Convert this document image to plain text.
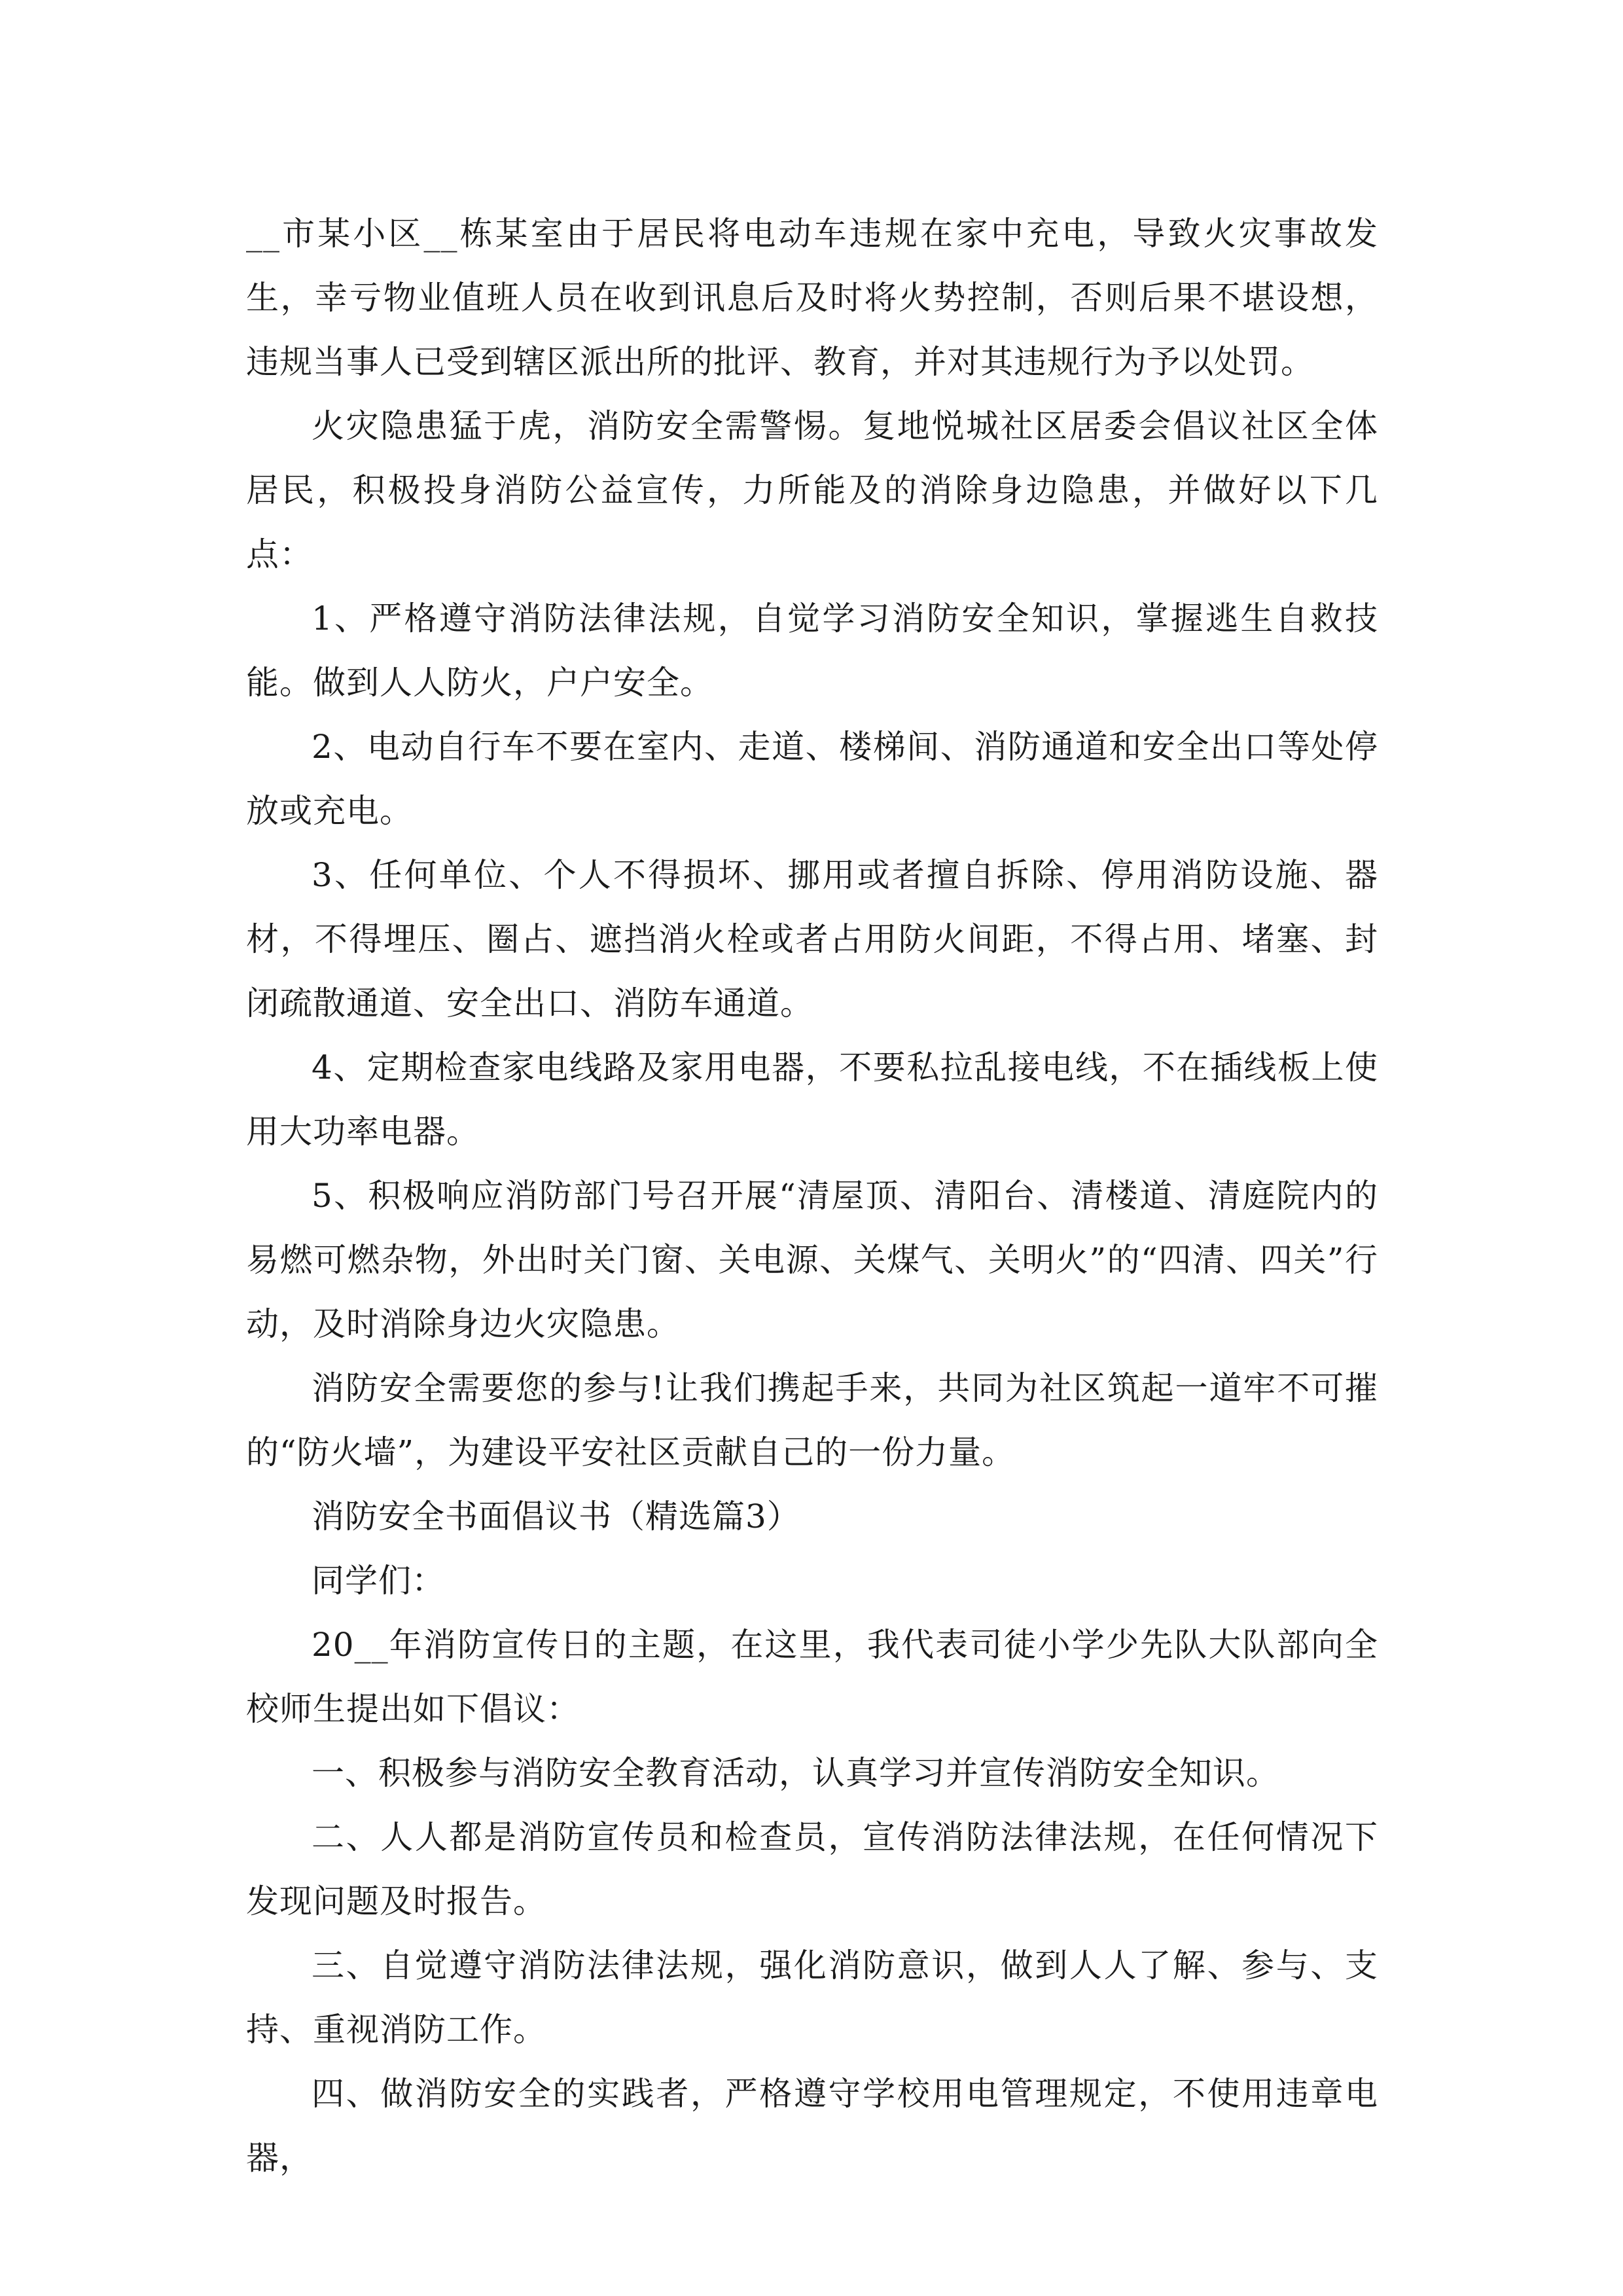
__市某小区__栋某室由于居民将电动车违规在家中充电，导致火灾事故发生，幸亏物业值班人员在收到讯息后及时将火势控制，否则后果不堪设想，违规当事人已受到辖区派出所的批评、教育，并对其违规行为予以处罚。

火灾隐患猛于虎，消防安全需警惕。复地悦城社区居委会倡议社区全体居民，积极投身消防公益宣传，力所能及的消除身边隐患，并做好以下几点：

1、严格遵守消防法律法规，自觉学习消防安全知识，掌握逃生自救技能。做到人人防火，户户安全。

2、电动自行车不要在室内、走道、楼梯间、消防通道和安全出口等处停放或充电。

3、任何单位、个人不得损坏、挪用或者擅自拆除、停用消防设施、器材，不得埋压、圈占、遮挡消火栓或者占用防火间距，不得占用、堵塞、封闭疏散通道、安全出口、消防车通道。

4、定期检查家电线路及家用电器，不要私拉乱接电线，不在插线板上使用大功率电器。

5、积极响应消防部门号召开展“清屋顶、清阳台、清楼道、清庭院内的易燃可燃杂物，外出时关门窗、关电源、关煤气、关明火”的“四清、四关”行动，及时消除身边火灾隐患。

消防安全需要您的参与!让我们携起手来，共同为社区筑起一道牢不可摧的“防火墙”，为建设平安社区贡献自己的一份力量。

消防安全书面倡议书（精选篇3）

同学们：

20__年消防宣传日的主题，在这里，我代表司徒小学少先队大队部向全校师生提出如下倡议：

一、积极参与消防安全教育活动，认真学习并宣传消防安全知识。

二、人人都是消防宣传员和检查员，宣传消防法律法规，在任何情况下发现问题及时报告。

三、自觉遵守消防法律法规，强化消防意识，做到人人了解、参与、支持、重视消防工作。

四、做消防安全的实践者，严格遵守学校用电管理规定，不使用违章电器，
